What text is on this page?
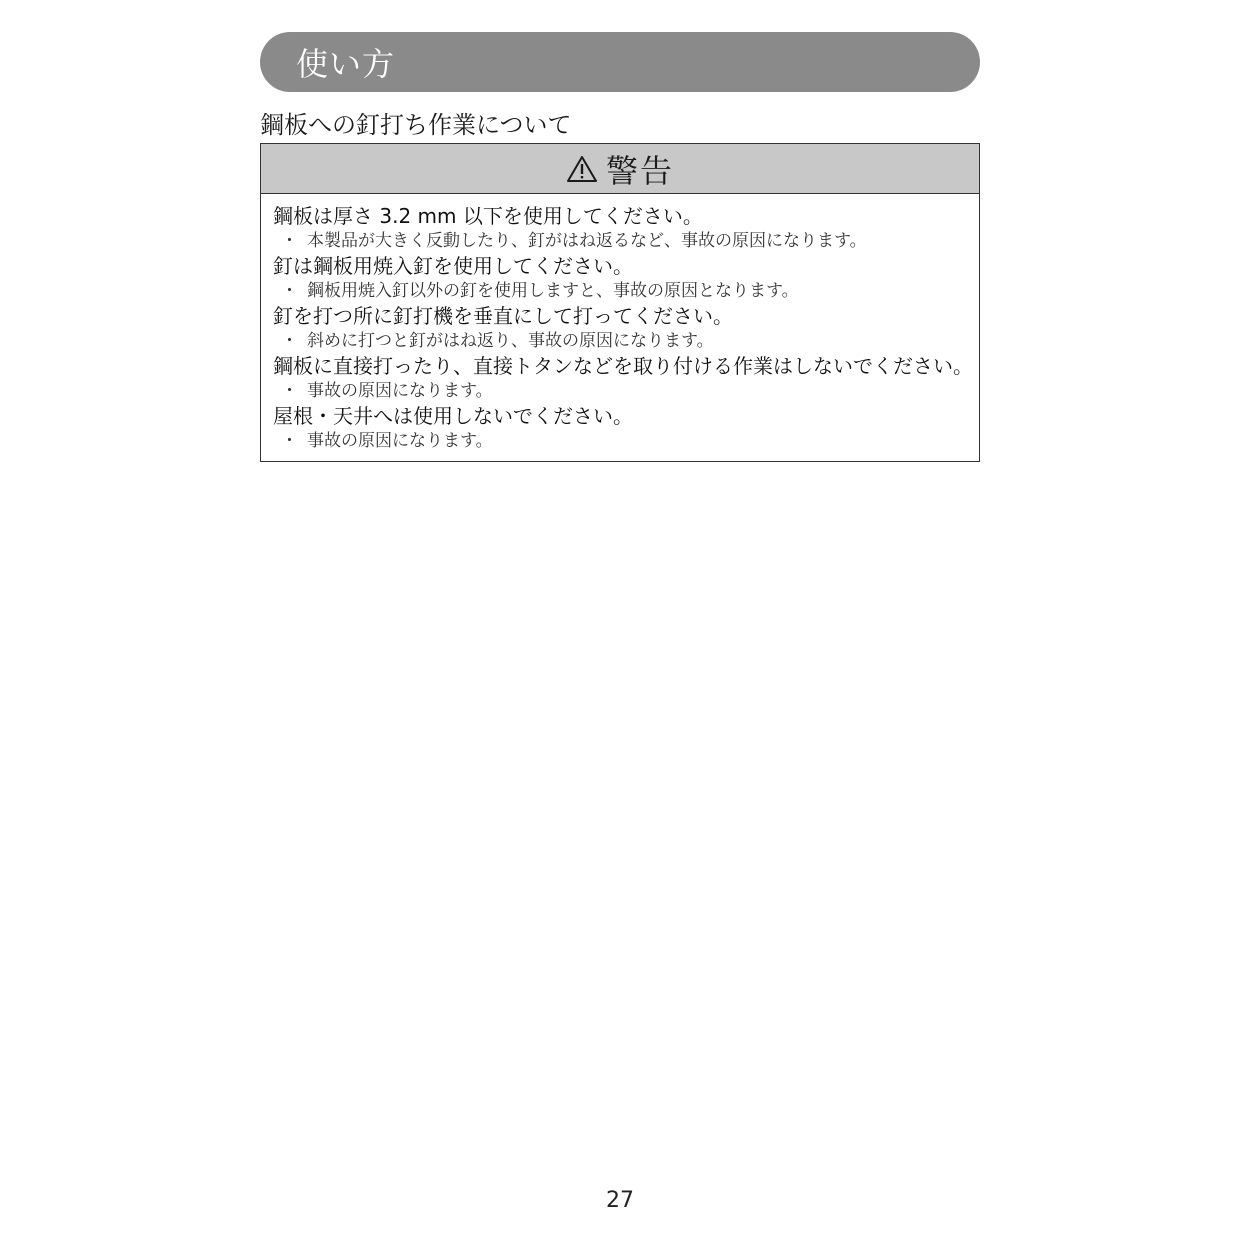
使い方
鋼板への釘打ち作業について
警告
鋼板は厚さ 3.2 mm 以下を使用してください。
・ 本製品が大きく反動したり、釘がはね返るなど、事故の原因になります。
釘は鋼板用焼入釘を使用してください。
・ 鋼板用焼入釘以外の釘を使用しますと、事故の原因となります。
釘を打つ所に釘打機を垂直にして打ってください。
・ 斜めに打つと釘がはね返り、事故の原因になります。
鋼板に直接打ったり、直接トタンなどを取り付ける作業はしないでください。
・ 事故の原因になります。
屋根・天井へは使用しないでください。
・ 事故の原因になります。
27
